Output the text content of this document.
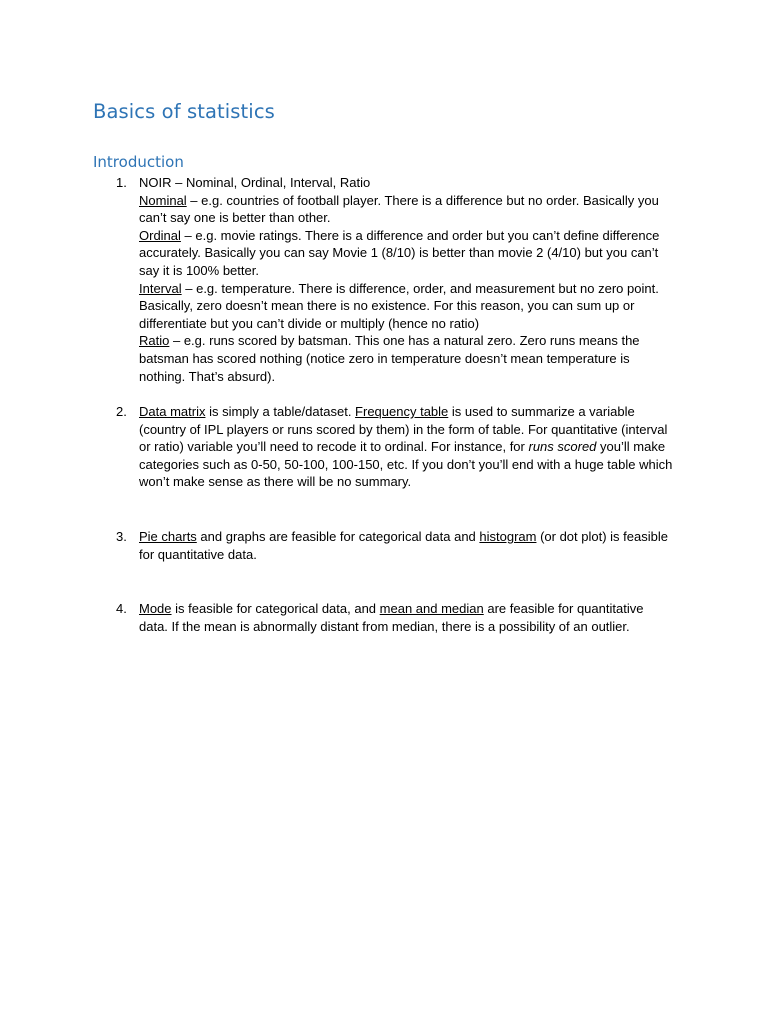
Basics of statistics
Introduction
1. NOIR – Nominal, Ordinal, Interval, Ratio
Nominal – e.g. countries of football player. There is a difference but no order. Basically you
can’t say one is better than other.
Ordinal – e.g. movie ratings. There is a difference and order but you can’t define difference
accurately. Basically you can say Movie 1 (8/10) is better than movie 2 (4/10) but you can’t
say it is 100% better.
Interval – e.g. temperature. There is difference, order, and measurement but no zero point.
Basically, zero doesn’t mean there is no existence. For this reason, you can sum up or
differentiate but you can’t divide or multiply (hence no ratio)
Ratio – e.g. runs scored by batsman. This one has a natural zero. Zero runs means the
batsman has scored nothing (notice zero in temperature doesn’t mean temperature is
nothing. That’s absurd).
2. Data matrix is simply a table/dataset. Frequency table is used to summarize a variable
(country of IPL players or runs scored by them) in the form of table. For quantitative (interval
or ratio) variable you’ll need to recode it to ordinal. For instance, for runs scored you’ll make
categories such as 0-50, 50-100, 100-150, etc. If you don’t you’ll end with a huge table which
won’t make sense as there will be no summary.
3. Pie charts and graphs are feasible for categorical data and histogram (or dot plot) is feasible
for quantitative data.
4. Mode is feasible for categorical data, and mean and median are feasible for quantitative
data. If the mean is abnormally distant from median, there is a possibility of an outlier.
